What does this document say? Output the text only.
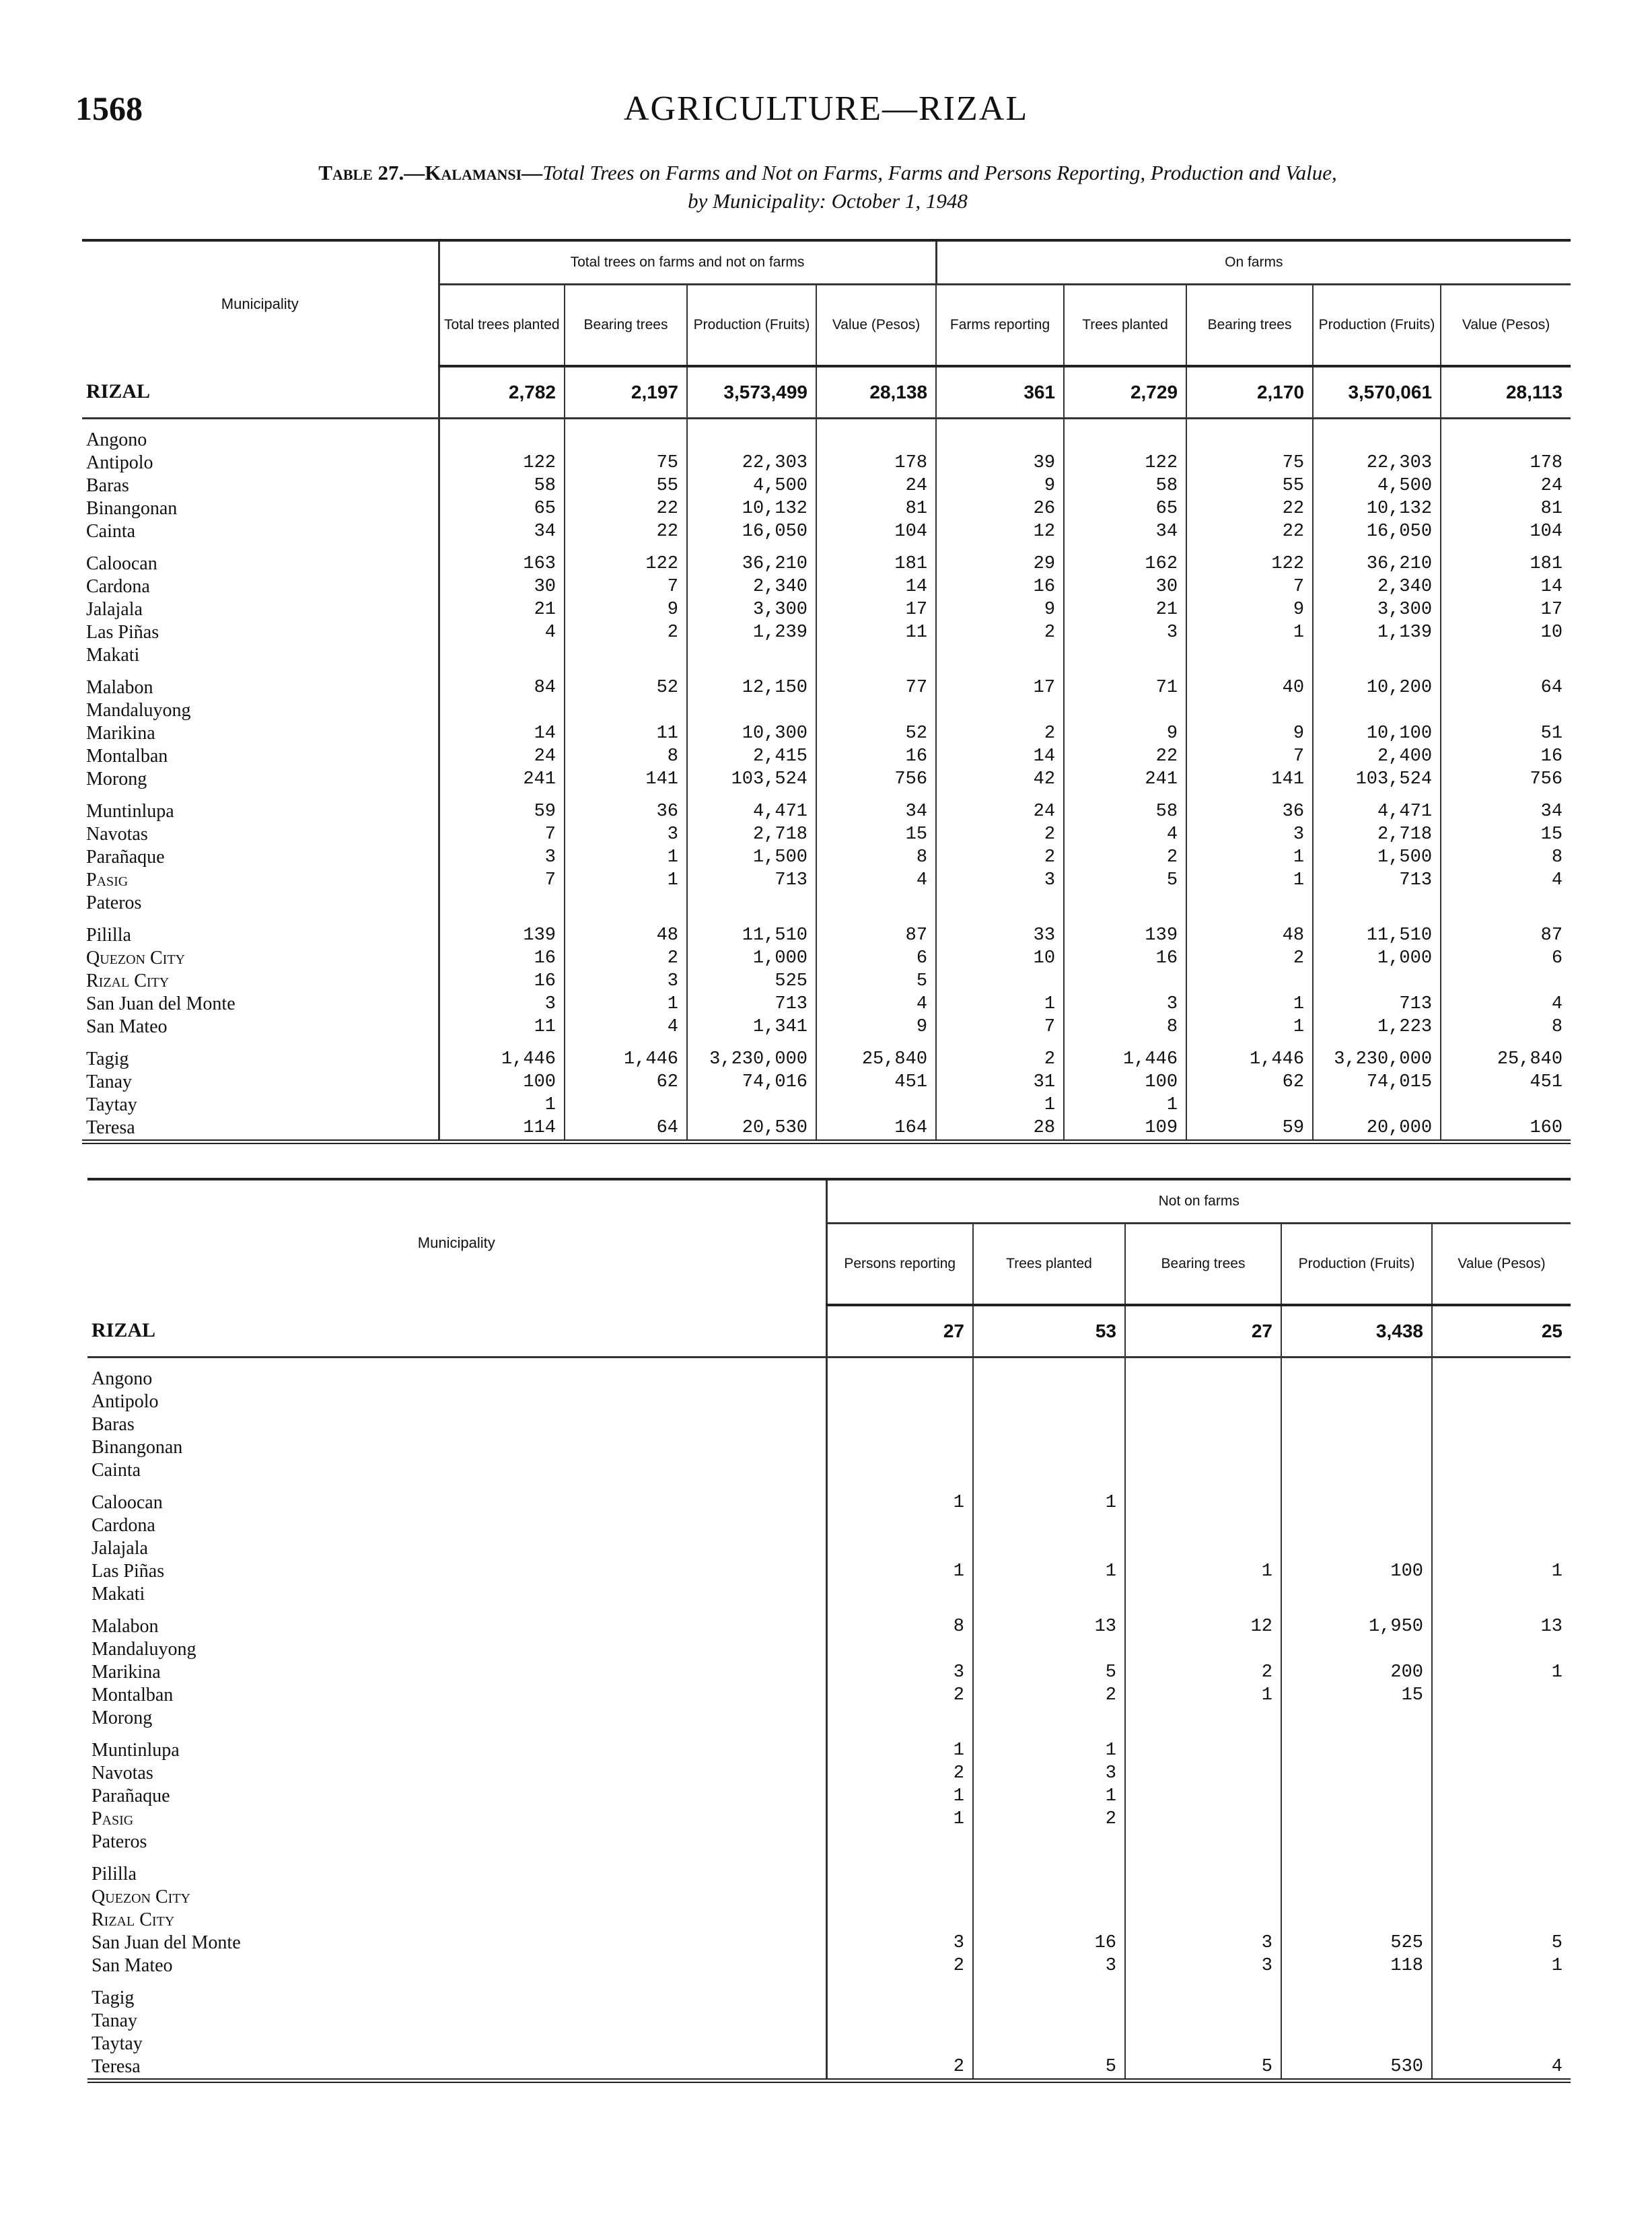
1568	AGRICULTURE—RIZAL
Table 27.—Kalamansi—Total Trees on Farms and Not on Farms, Farms and Persons Reporting, Production and Value,
by Municipality: October 1, 1948
Municipality	Total trees on farms and not on farms				On farms				
	Total trees planted	Bearing trees	Production (Fruits)	Value (Pesos)	Farms reporting	Trees planted	Bearing trees	Production (Fruits)	Value (Pesos)
RIZAL	2,782	2,197	3,573,499	28,138	361	2,729	2,170	3,570,061	28,113

Angono									
Antipolo	122	75	22,303	178	39	122	75	22,303	178
Baras	58	55	4,500	24	9	58	55	4,500	24
Binangonan	65	22	10,132	81	26	65	22	10,132	81
Cainta	34	22	16,050	104	12	34	22	16,050	104

Caloocan	163	122	36,210	181	29	162	122	36,210	181
Cardona	30	7	2,340	14	16	30	7	2,340	14
Jalajala	21	9	3,300	17	9	21	9	3,300	17
Las Piñas	4	2	1,239	11	2	3	1	1,139	10
Makati									

Malabon	84	52	12,150	77	17	71	40	10,200	64
Mandaluyong									
Marikina	14	11	10,300	52	2	9	9	10,100	51
Montalban	24	8	2,415	16	14	22	7	2,400	16
Morong	241	141	103,524	756	42	241	141	103,524	756

Muntinlupa	59	36	4,471	34	24	58	36	4,471	34
Navotas	7	3	2,718	15	2	4	3	2,718	15
Parañaque	3	1	1,500	8	2	2	1	1,500	8
Pasig	7	1	713	4	3	5	1	713	4
Pateros									

Pililla	139	48	11,510	87	33	139	48	11,510	87
Quezon City	16	2	1,000	6	10	16	2	1,000	6
Rizal City	16	3	525	5					
San Juan del Monte	3	1	713	4	1	3	1	713	4
San Mateo	11	4	1,341	9	7	8	1	1,223	8

Tagig	1,446	1,446	3,230,000	25,840	2	1,446	1,446	3,230,000	25,840
Tanay	100	62	74,016	451	31	100	62	74,015	451
Taytay	1				1	1			
Teresa	114	64	20,530	164	28	109	59	20,000	160
Municipality	Not on farms				
	Persons reporting	Trees planted	Bearing trees	Production (Fruits)	Value (Pesos)
RIZAL	27	53	27	3,438	25

Angono					
Antipolo					
Baras					
Binangonan					
Cainta					

Caloocan	1	1			
Cardona					
Jalajala					
Las Piñas	1	1	1	100	1
Makati					

Malabon	8	13	12	1,950	13
Mandaluyong					
Marikina	3	5	2	200	1
Montalban	2	2	1	15	
Morong					

Muntinlupa	1	1			
Navotas	2	3			
Parañaque	1	1			
Pasig	1	2			
Pateros					

Pililla					
Quezon City					
Rizal City					
San Juan del Monte	3	16	3	525	5
San Mateo	2	3	3	118	1

Tagig					
Tanay					
Taytay					
Teresa	2	5	5	530	4
